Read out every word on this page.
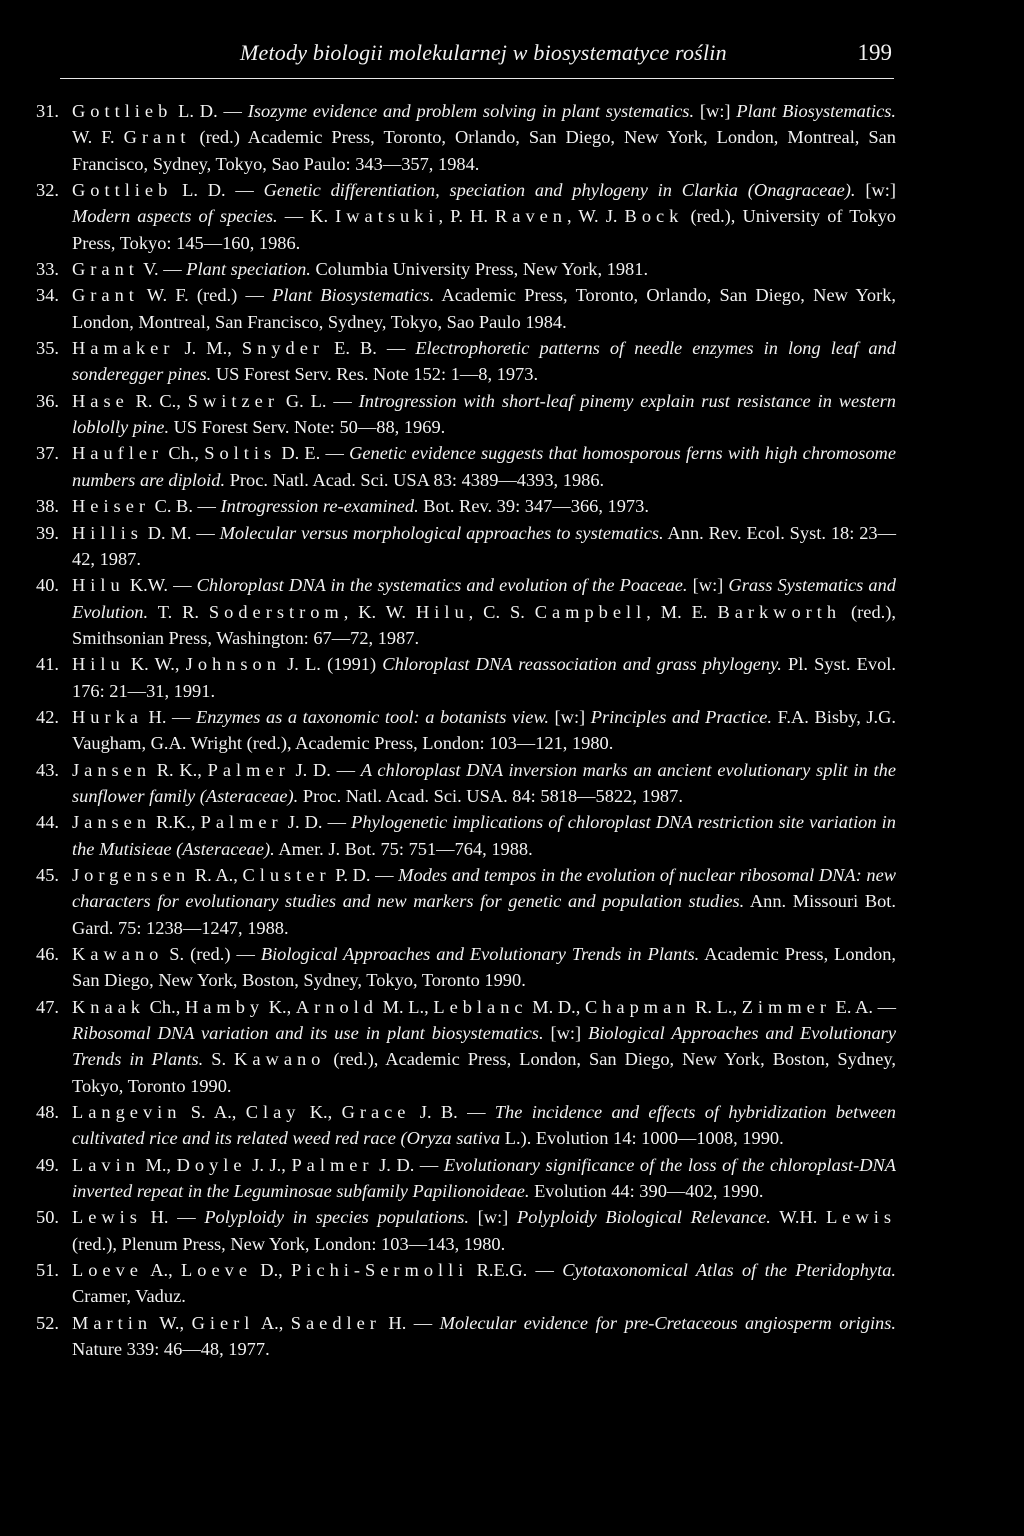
Metody biologii molekularnej w biosystematyce roślin	199
31. Gottlieb L. D. — Isozyme evidence and problem solving in plant systematics. [w:] Plant Biosystematics. W. F. Grant (red.) Academic Press, Toronto, Orlando, San Diego, New York, London, Montreal, San Francisco, Sydney, Tokyo, Sao Paulo: 343—357, 1984.
32. Gottlieb L. D. — Genetic differentiation, speciation and phylogeny in Clarkia (Onagraceae). [w:] Modern aspects of species. — K. Iwatsuki, P. H. Raven, W. J. Bock (red.), University of Tokyo Press, Tokyo: 145—160, 1986.
33. Grant V. — Plant speciation. Columbia University Press, New York, 1981.
34. Grant W. F. (red.) — Plant Biosystematics. Academic Press, Toronto, Orlando, San Diego, New York, London, Montreal, San Francisco, Sydney, Tokyo, Sao Paulo 1984.
35. Hamaker J. M., Snyder E. B. — Electrophoretic patterns of needle enzymes in long leaf and sonderegger pines. US Forest Serv. Res. Note 152: 1—8, 1973.
36. Hase R. C., Switzer G. L. — Introgression with short-leaf pinemy explain rust resistance in western loblolly pine. US Forest Serv. Note: 50—88, 1969.
37. Haufler Ch., Soltis D. E. — Genetic evidence suggests that homosporous ferns with high chromosome numbers are diploid. Proc. Natl. Acad. Sci. USA 83: 4389—4393, 1986.
38. Heiser C. B. — Introgression re-examined. Bot. Rev. 39: 347—366, 1973.
39. Hillis D. M. — Molecular versus morphological approaches to systematics. Ann. Rev. Ecol. Syst. 18: 23—42, 1987.
40. Hilu K.W. — Chloroplast DNA in the systematics and evolution of the Poaceae. [w:] Grass Systematics and Evolution. T. R. Soderstrom, K. W. Hilu, C. S. Campbell, M. E. Barkworth (red.), Smithsonian Press, Washington: 67—72, 1987.
41. Hilu K. W., Johnson J. L. (1991) Chloroplast DNA reassociation and grass phylogeny. Pl. Syst. Evol. 176: 21—31, 1991.
42. Hurka H. — Enzymes as a taxonomic tool: a botanists view. [w:] Principles and Practice. F.A. Bisby, J.G. Vaugham, G.A. Wright (red.), Academic Press, London: 103—121, 1980.
43. Jansen R. K., Palmer J. D. — A chloroplast DNA inversion marks an ancient evolutionary split in the sunflower family (Asteraceae). Proc. Natl. Acad. Sci. USA. 84: 5818—5822, 1987.
44. Jansen R.K., Palmer J. D. — Phylogenetic implications of chloroplast DNA restriction site variation in the Mutisieae (Asteraceae). Amer. J. Bot. 75: 751—764, 1988.
45. Jorgensen R. A., Cluster P. D. — Modes and tempos in the evolution of nuclear ribosomal DNA: new characters for evolutionary studies and new markers for genetic and population studies. Ann. Missouri Bot. Gard. 75: 1238—1247, 1988.
46. Kawano S. (red.) — Biological Approaches and Evolutionary Trends in Plants. Academic Press, London, San Diego, New York, Boston, Sydney, Tokyo, Toronto 1990.
47. Knaak Ch., Hamby K., Arnold M. L., Leblanc M. D., Chapman R. L., Zimmer E. A. — Ribosomal DNA variation and its use in plant biosystematics. [w:] Biological Approaches and Evolutionary Trends in Plants. S. Kawano (red.), Academic Press, London, San Diego, New York, Boston, Sydney, Tokyo, Toronto 1990.
48. Langevin S. A., Clay K., Grace J. B. — The incidence and effects of hybridization between cultivated rice and its related weed red race (Oryza sativa L.). Evolution 14: 1000—1008, 1990.
49. Lavin M., Doyle J. J., Palmer J. D. — Evolutionary significance of the loss of the chloroplast-DNA inverted repeat in the Leguminosae subfamily Papilionoideae. Evolution 44: 390—402, 1990.
50. Lewis H. — Polyploidy in species populations. [w:] Polyploidy Biological Relevance. W.H. Lewis (red.), Plenum Press, New York, London: 103—143, 1980.
51. Loeve A., Loeve D., Pichi-Sermolli R.E.G. — Cytotaxonomical Atlas of the Pteridophyta. Cramer, Vaduz.
52. Martin W., Gierl A., Saedler H. — Molecular evidence for pre-Cretaceous angiosperm origins. Nature 339: 46—48, 1977.
